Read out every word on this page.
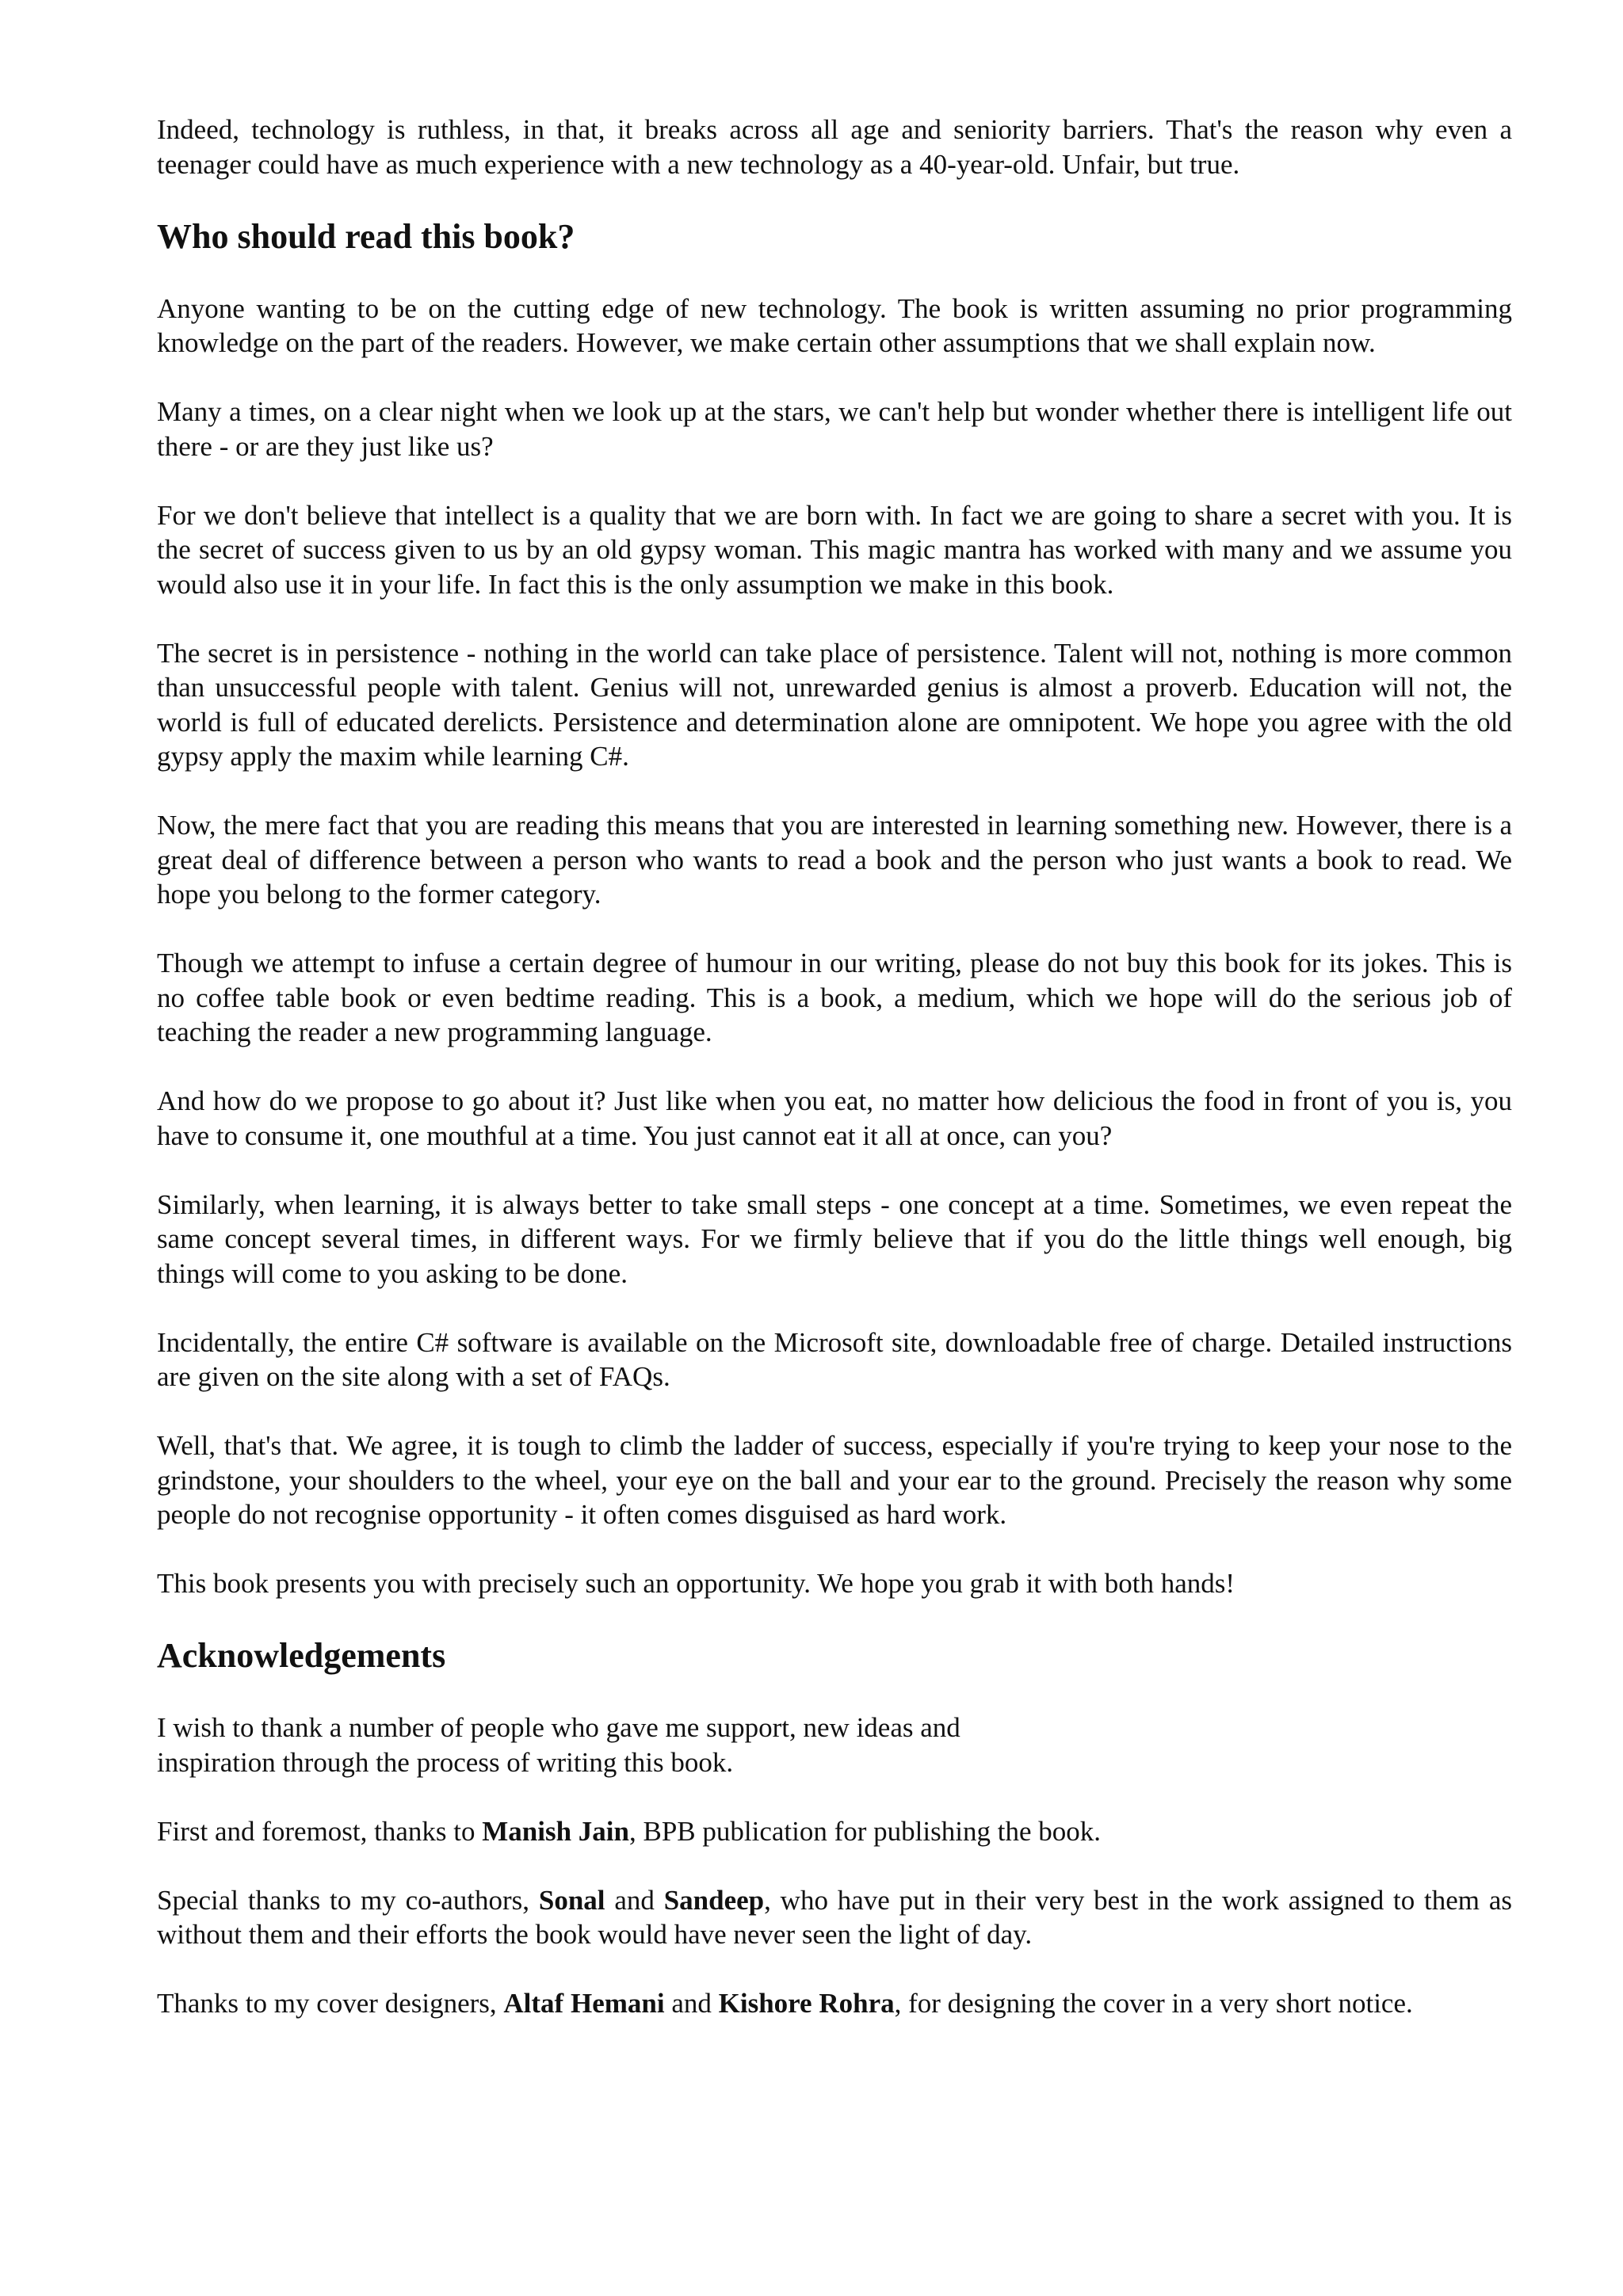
Indeed, technology is ruthless, in that, it breaks across all age and seniority barriers. That's the reason why even a teenager could have as much experience with a new technology as a 40-year-old. Unfair, but true.

Who should read this book?

Anyone wanting to be on the cutting edge of new technology. The book is written assuming no prior programming knowledge on the part of the readers. However, we make certain other assumptions that we shall explain now.

Many a times, on a clear night when we look up at the stars, we can't help but wonder whether there is intelligent life out there - or are they just like us?

For we don't believe that intellect is a quality that we are born with. In fact we are going to share a secret with you. It is the secret of success given to us by an old gypsy woman. This magic mantra has worked with many and we assume you would also use it in your life. In fact this is the only assumption we make in this book.

The secret is in persistence - nothing in the world can take place of persistence. Talent will not, nothing is more common than unsuccessful people with talent. Genius will not, unrewarded genius is almost a proverb. Education will not, the world is full of educated derelicts. Persistence and determination alone are omnipotent. We hope you agree with the old gypsy apply the maxim while learning C#.

Now, the mere fact that you are reading this means that you are interested in learning something new. However, there is a great deal of difference between a person who wants to read a book and the person who just wants a book to read. We hope you belong to the former category.

Though we attempt to infuse a certain degree of humour in our writing, please do not buy this book for its jokes. This is no coffee table book or even bedtime reading. This is a book, a medium, which we hope will do the serious job of teaching the reader a new programming language.

And how do we propose to go about it? Just like when you eat, no matter how delicious the food in front of you is, you have to consume it, one mouthful at a time. You just cannot eat it all at once, can you?

Similarly, when learning, it is always better to take small steps - one concept at a time. Sometimes, we even repeat the same concept several times, in different ways. For we firmly believe that if you do the little things well enough, big things will come to you asking to be done.

Incidentally, the entire C# software is available on the Microsoft site, downloadable free of charge. Detailed instructions are given on the site along with a set of FAQs.

Well, that's that. We agree, it is tough to climb the ladder of success, especially if you're trying to keep your nose to the grindstone, your shoulders to the wheel, your eye on the ball and your ear to the ground. Precisely the reason why some people do not recognise opportunity - it often comes disguised as hard work.

This book presents you with precisely such an opportunity. We hope you grab it with both hands!

Acknowledgements

I wish to thank a number of people who gave me support, new ideas and
inspiration through the process of writing this book.

First and foremost, thanks to Manish Jain, BPB publication for publishing the book.

Special thanks to my co-authors, Sonal and Sandeep, who have put in their very best in the work assigned to them as without them and their efforts the book would have never seen the light of day.

Thanks to my cover designers, Altaf Hemani and Kishore Rohra, for designing the cover in a very short notice.
